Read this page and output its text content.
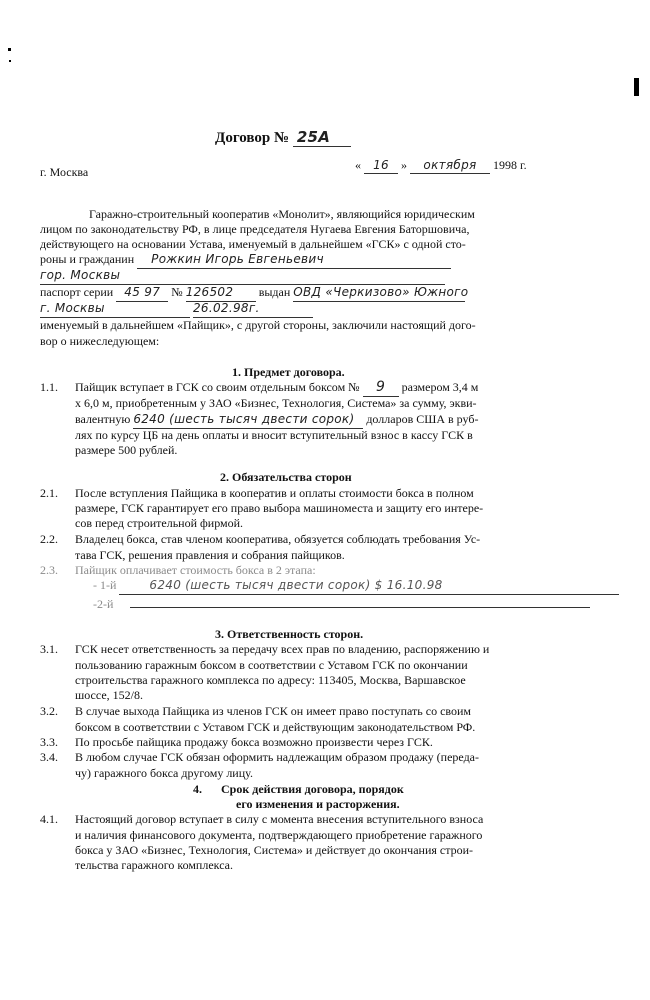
Договор № 25А
г. Москва	« 16 » октября 1998 г.
Гаражно-строительный кооператив «Монолит», являющийся юридическим
лицом по законодательству РФ, в лице председателя Нугаева Евгения Баторшовича,
действующего на основании Устава, именуемый в дальнейшем «ГСК» с одной сто-
роны и гражданин Рожкин Игорь Евгеньевич
гор. Москвы
паспорт серии 45 97 № 126502 выдан ОВД «Черкизово» Южного
г. Москвы	26.02.98г.
именуемый в дальнейшем «Пайщик», с другой стороны, заключили настоящий дого-
вор о нижеследующем:
1. Предмет договора.
1.1. Пайщик вступает в ГСК со своим отдельным боксом № 9 размером 3,4 м
х 6,0 м, приобретенным у ЗАО «Бизнес, Технология, Система» за сумму, экви-
валентную 6240 (шесть тысяч двести сорок) долларов США в руб-
лях по курсу ЦБ на день оплаты и вносит вступительный взнос в кассу ГСК в
размере 500 рублей.
2. Обязательства сторон
2.1. После вступления Пайщика в кооператив и оплаты стоимости бокса в полном
размере, ГСК гарантирует его право выбора машиноместа и защиту его интере-
сов перед строительной фирмой.
2.2. Владелец бокса, став членом кооператива, обязуется соблюдать требования Ус-
тава ГСК, решения правления и собрания пайщиков.
2.3. Пайщик оплачивает стоимость бокса в 2 этапа:
- 1-й	6240 (шесть тысяч двести сорок) $ 16.10.98
-2-й
3. Ответственность сторон.
3.1. ГСК несет ответственность за передачу всех прав по владению, распоряжению и
пользованию гаражным боксом в соответствии с Уставом ГСК по окончании
строительства гаражного комплекса по адресу: 113405, Москва, Варшавское
шоссе, 152/8.
3.2. В случае выхода Пайщика из членов ГСК он имеет право поступать со своим
боксом в соответствии с Уставом ГСК и действующим законодательством РФ.
3.3. По просьбе пайщика продажу бокса возможно произвести через ГСК.
3.4. В любом случае ГСК обязан оформить надлежащим образом продажу (переда-
чу) гаражного бокса другому лицу.
4. Срок действия договора, порядок
его изменения и расторжения.
4.1. Настоящий договор вступает в силу с момента внесения вступительного взноса
и наличия финансового документа, подтверждающего приобретение гаражного
бокса у ЗАО «Бизнес, Технология, Система» и действует до окончания строи-
тельства гаражного комплекса.
